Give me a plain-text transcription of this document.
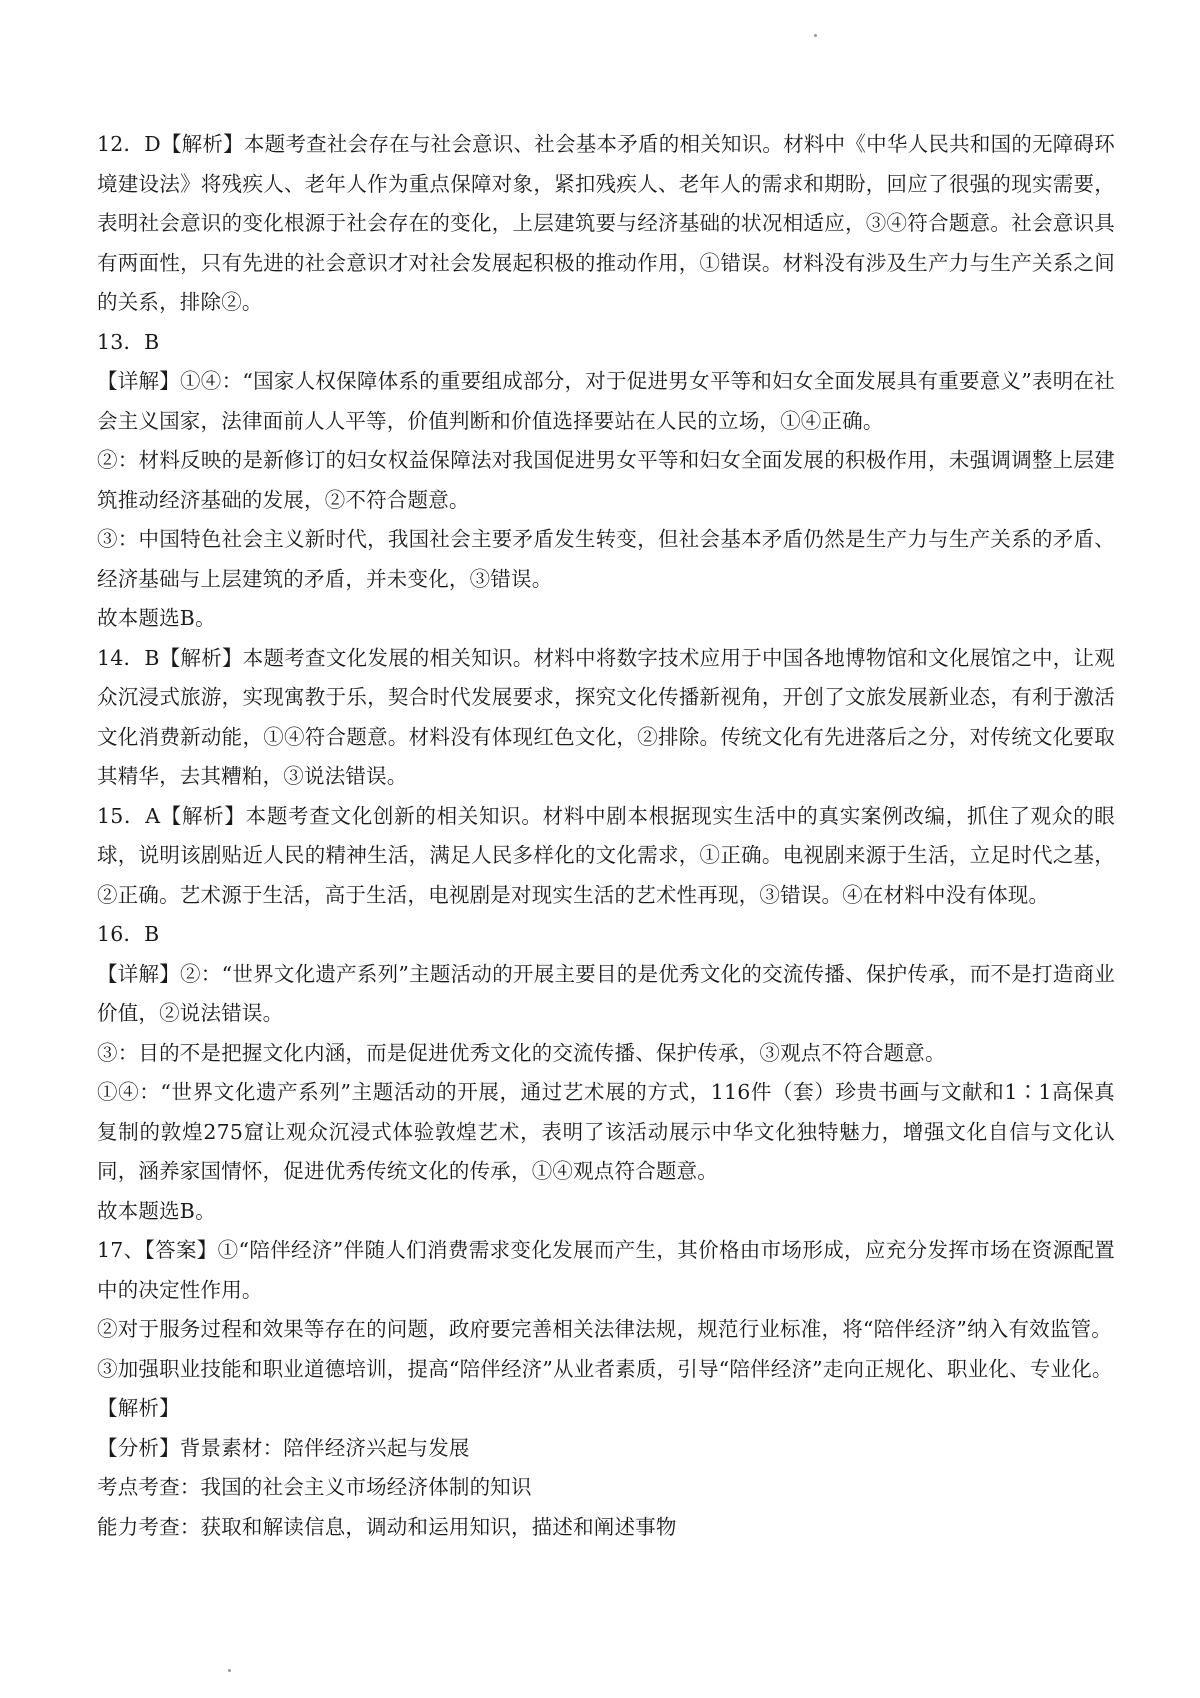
12．D【解析】本题考查社会存在与社会意识、社会基本矛盾的相关知识。材料中《中华人民共和国的无障碍环境建设法》将残疾人、老年人作为重点保障对象，紧扣残疾人、老年人的需求和期盼，回应了很强的现实需要，表明社会意识的变化根源于社会存在的变化，上层建筑要与经济基础的状况相适应，③④符合题意。社会意识具有两面性，只有先进的社会意识才对社会发展起积极的推动作用，①错误。材料没有涉及生产力与生产关系之间的关系，排除②。

13．B

【详解】①④：“国家人权保障体系的重要组成部分，对于促进男女平等和妇女全面发展具有重要意义”表明在社会主义国家，法律面前人人平等，价值判断和价值选择要站在人民的立场，①④正确。

②：材料反映的是新修订的妇女权益保障法对我国促进男女平等和妇女全面发展的积极作用，未强调调整上层建筑推动经济基础的发展，②不符合题意。

③：中国特色社会主义新时代，我国社会主要矛盾发生转变，但社会基本矛盾仍然是生产力与生产关系的矛盾、经济基础与上层建筑的矛盾，并未变化，③错误。

故本题选B。

14．B【解析】本题考查文化发展的相关知识。材料中将数字技术应用于中国各地博物馆和文化展馆之中，让观众沉浸式旅游，实现寓教于乐，契合时代发展要求，探究文化传播新视角，开创了文旅发展新业态，有利于激活文化消费新动能，①④符合题意。材料没有体现红色文化，②排除。传统文化有先进落后之分，对传统文化要取其精华，去其糟粕，③说法错误。

15．A【解析】本题考查文化创新的相关知识。材料中剧本根据现实生活中的真实案例改编，抓住了观众的眼球，说明该剧贴近人民的精神生活，满足人民多样化的文化需求，①正确。电视剧来源于生活，立足时代之基，②正确。艺术源于生活，高于生活，电视剧是对现实生活的艺术性再现，③错误。④在材料中没有体现。

16．B

【详解】②：“世界文化遗产系列”主题活动的开展主要目的是优秀文化的交流传播、保护传承，而不是打造商业价值，②说法错误。

③：目的不是把握文化内涵，而是促进优秀文化的交流传播、保护传承，③观点不符合题意。

①④：“世界文化遗产系列”主题活动的开展，通过艺术展的方式，116件（套）珍贵书画与文献和1∶1高保真复制的敦煌275窟让观众沉浸式体验敦煌艺术，表明了该活动展示中华文化独特魅力，增强文化自信与文化认同，涵养家国情怀，促进优秀传统文化的传承，①④观点符合题意。

故本题选B。

17、【答案】①“陪伴经济”伴随人们消费需求变化发展而产生，其价格由市场形成，应充分发挥市场在资源配置中的决定性作用。

②对于服务过程和效果等存在的问题，政府要完善相关法律法规，规范行业标准，将“陪伴经济”纳入有效监管。

③加强职业技能和职业道德培训，提高“陪伴经济”从业者素质，引导“陪伴经济”走向正规化、职业化、专业化。

【解析】

【分析】背景素材：陪伴经济兴起与发展

考点考查：我国的社会主义市场经济体制的知识

能力考查：获取和解读信息，调动和运用知识，描述和阐述事物
